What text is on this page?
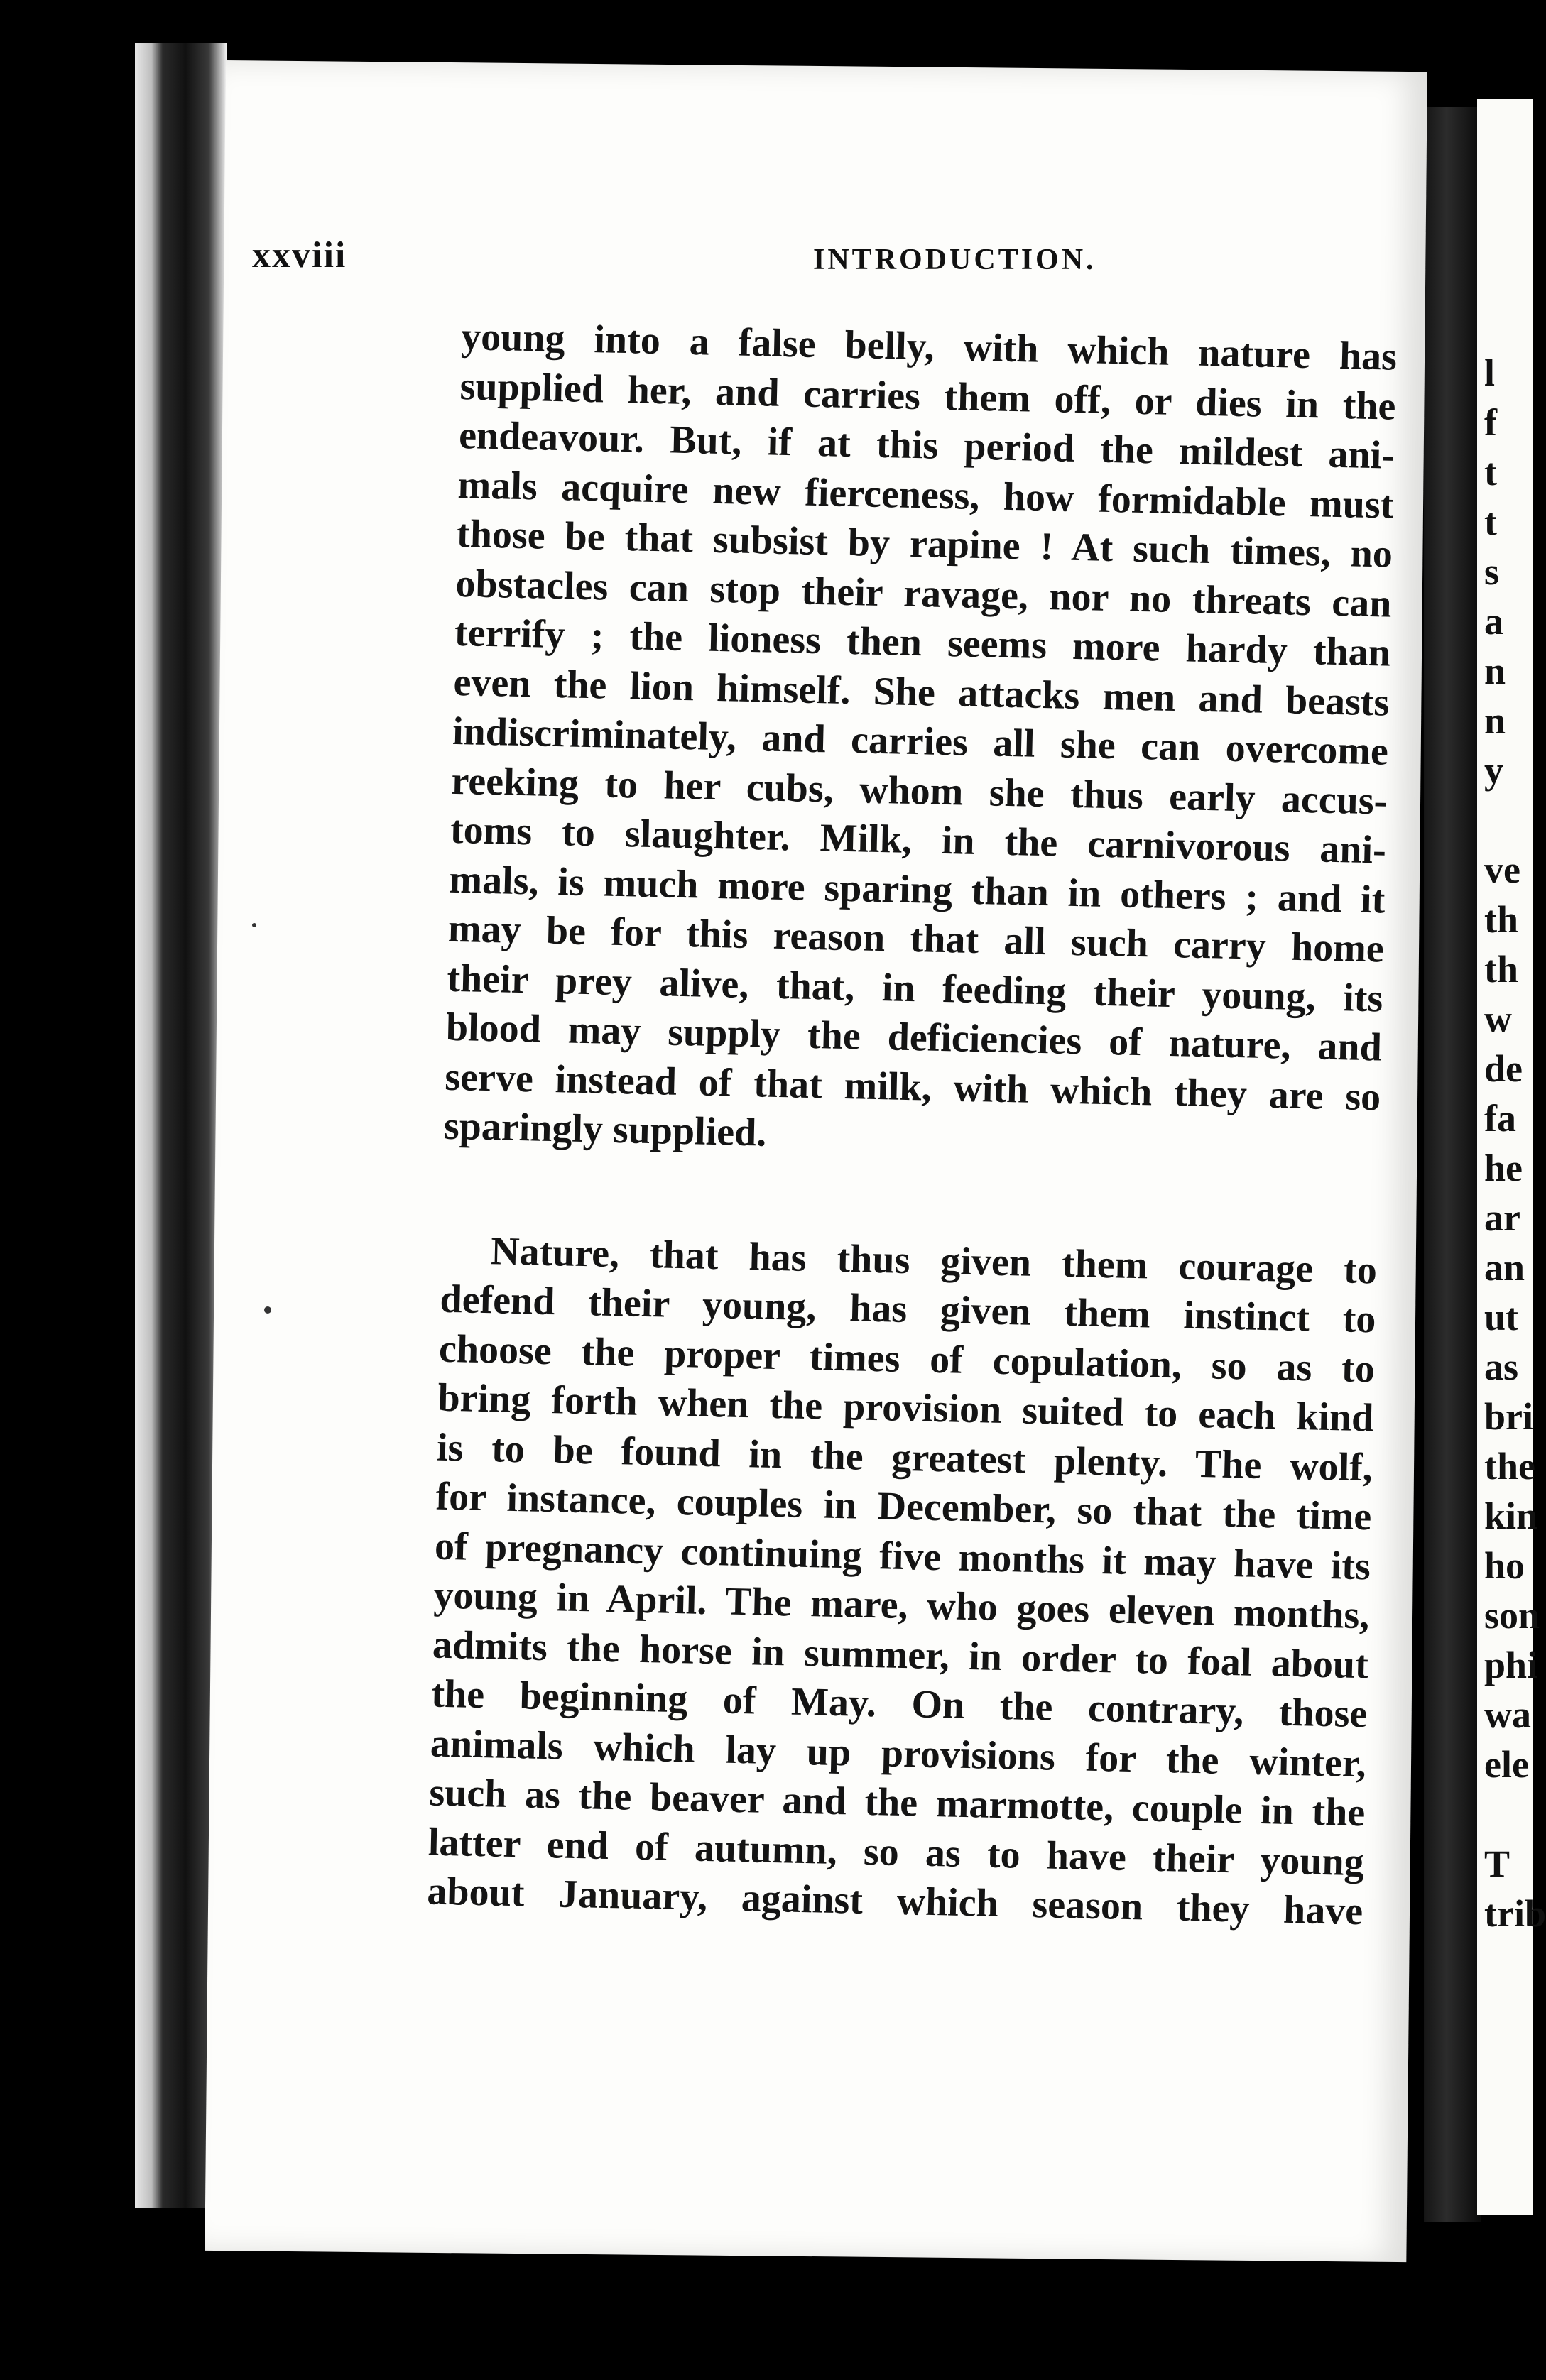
xxviii	INTRODUCTION.
young into a false belly, with which nature has
supplied her, and carries them off, or dies in the
endeavour. But, if at this period the mildest ani-
mals acquire new fierceness, how formidable must
those be that subsist by rapine ! At such times, no
obstacles can stop their ravage, nor no threats can
terrify ; the lioness then seems more hardy than
even the lion himself. She attacks men and beasts
indiscriminately, and carries all she can overcome
reeking to her cubs, whom she thus early accus-
toms to slaughter. Milk, in the carnivorous ani-
mals, is much more sparing than in others ; and it
may be for this reason that all such carry home
their prey alive, that, in feeding their young, its
blood may supply the deficiencies of nature, and
serve instead of that milk, with which they are so
sparingly supplied.
Nature, that has thus given them courage to
defend their young, has given them instinct to
choose the proper times of copulation, so as to
bring forth when the provision suited to each kind
is to be found in the greatest plenty. The wolf,
for instance, couples in December, so that the time
of pregnancy continuing five months it may have its
young in April. The mare, who goes eleven months,
admits the horse in summer, in order to foal about
the beginning of May. On the contrary, those
animals which lay up provisions for the winter,
such as the beaver and the marmotte, couple in the
latter end of autumn, so as to have their young
about January, against which season they have
l
f
t
t
s
a
n
n
y
ve
th
th
w
de
fa
he
ar
an
ut
as
bri
the
kin
ho
son
phi
wa
ele
T
trib
